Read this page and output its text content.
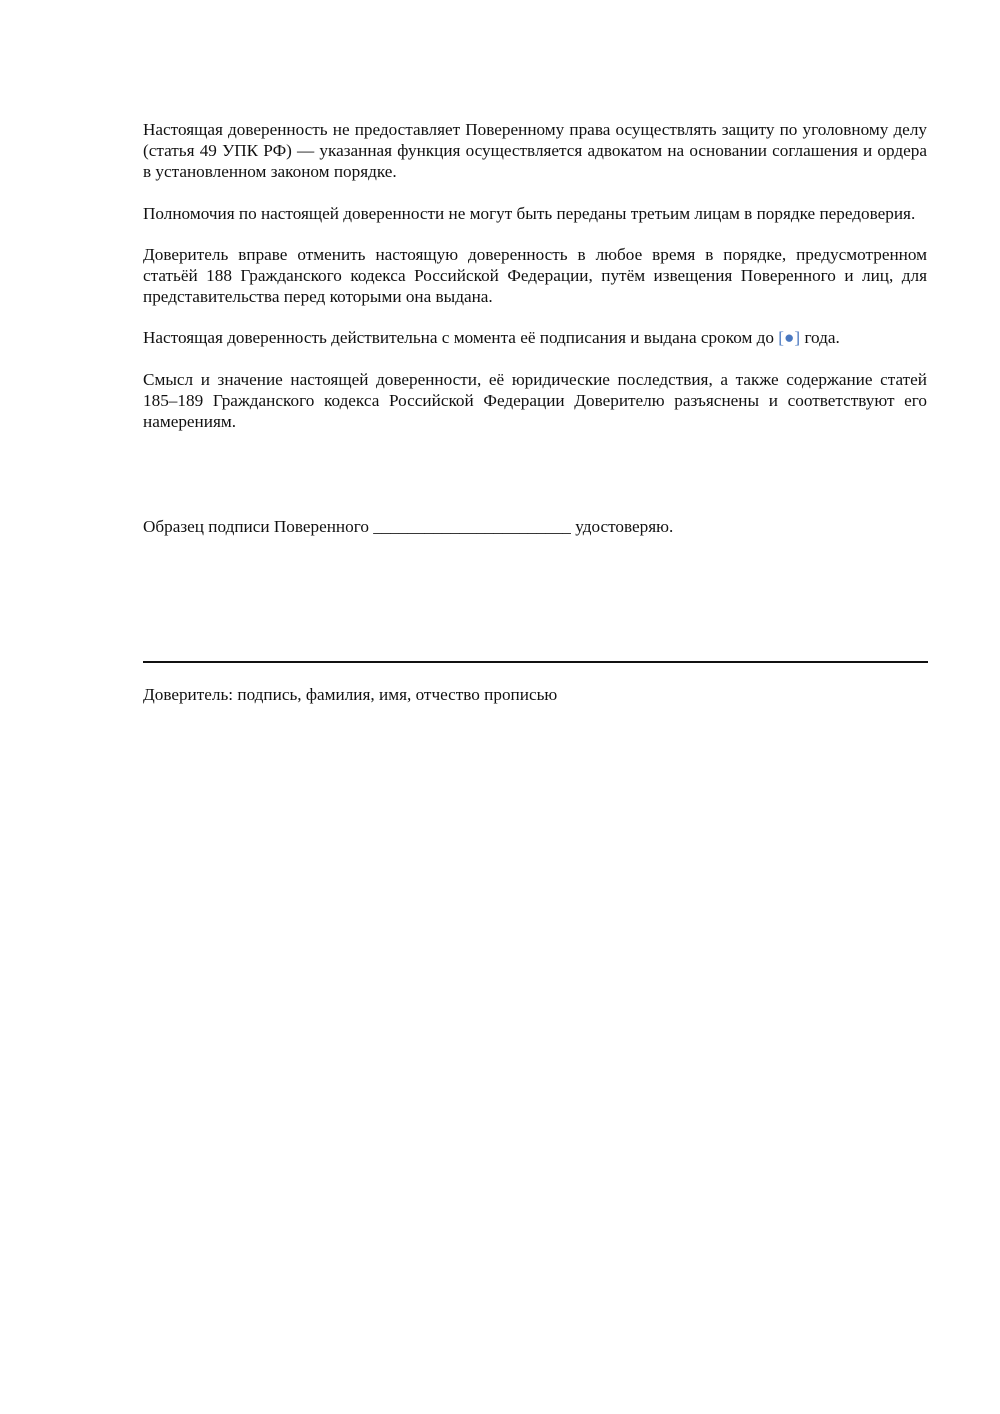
Настоящая доверенность не предоставляет Поверенному права осуществлять защиту по уголовному делу (статья 49 УПК РФ) — указанная функция осуществляется адвокатом на основании соглашения и ордера в установленном законом порядке.

Полномочия по настоящей доверенности не могут быть переданы третьим лицам в порядке передоверия.

Доверитель вправе отменить настоящую доверенность в любое время в порядке, предусмотренном статьёй 188 Гражданского кодекса Российской Федерации, путём извещения Поверенного и лиц, для представительства перед которыми она выдана.

Настоящая доверенность действительна с момента её подписания и выдана сроком до [●] года.

Смысл и значение настоящей доверенности, её юридические последствия, а также содержание статей 185–189 Гражданского кодекса Российской Федерации Доверителю разъяснены и соответствуют его намерениям.

Образец подписи Поверенного _______________________ удостоверяю.
Доверитель: подпись, фамилия, имя, отчество прописью
